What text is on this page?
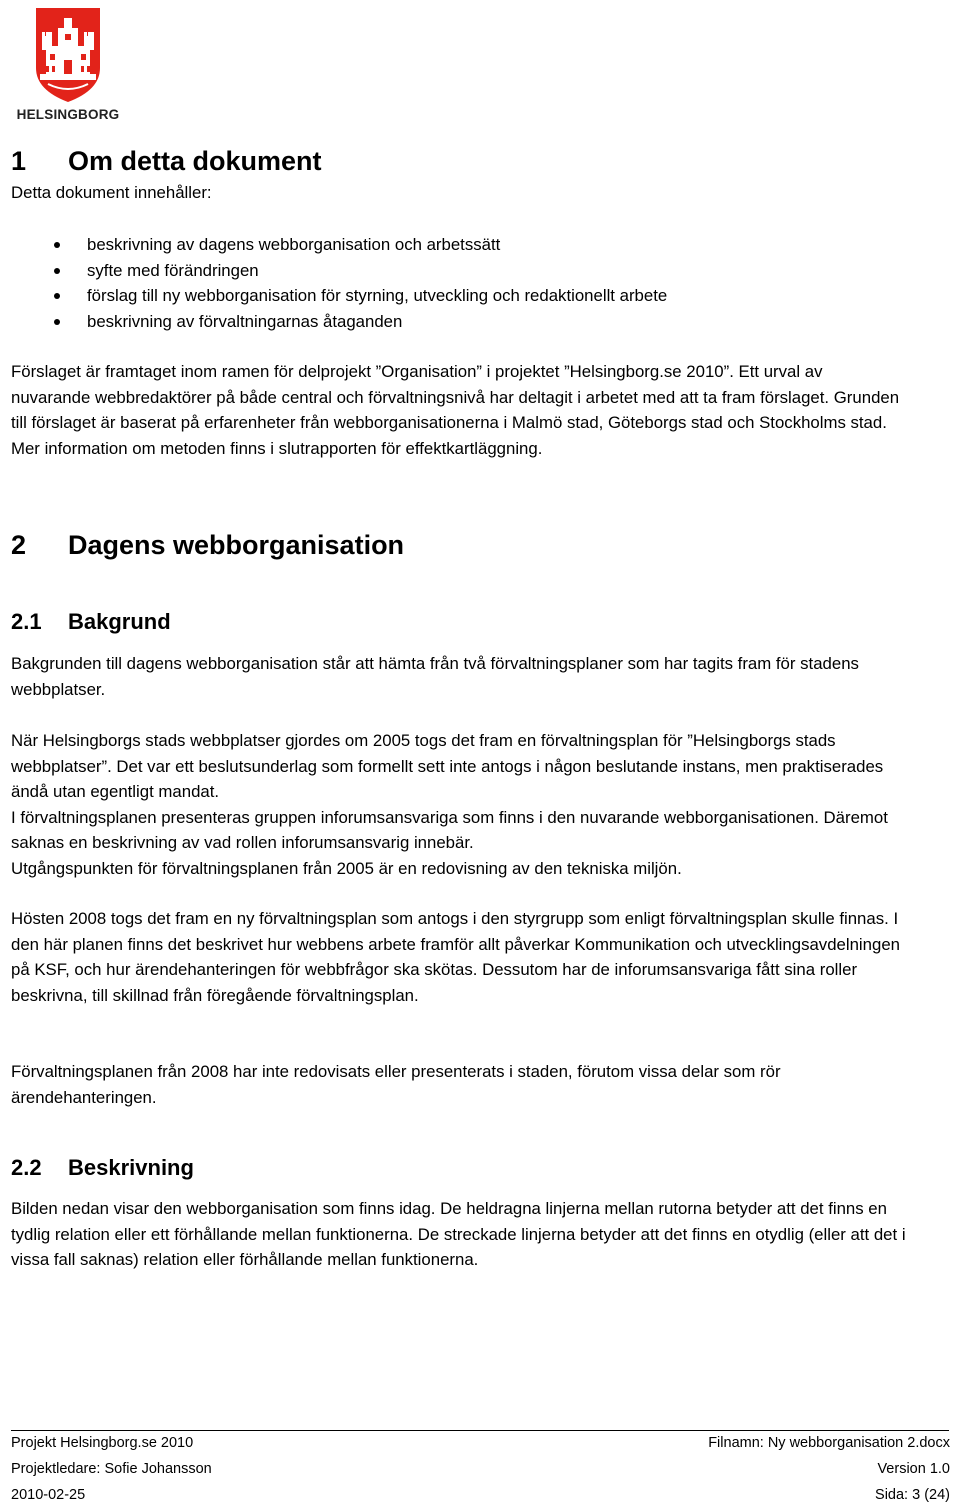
HELSINGBORG
1 Om detta dokument

Detta dokument innehåller:

beskrivning av dagens webborganisation och arbetssätt
syfte med förändringen
förslag till ny webborganisation för styrning, utveckling och redaktionellt arbete
beskrivning av förvaltningarnas åtaganden

Förslaget är framtaget inom ramen för delprojekt ”Organisation” i projektet ”Helsingborg.se 2010”. Ett urval av nuvarande webbredaktörer på både central och förvaltningsnivå har deltagit i arbetet med att ta fram förslaget. Grunden till förslaget är baserat på erfarenheter från webborganisationerna i Malmö stad, Göteborgs stad och Stockholms stad. Mer information om metoden finns i slutrapporten för effektkartläggning.

2 Dagens webborganisation
2.1 Bakgrund

Bakgrunden till dagens webborganisation står att hämta från två förvaltningsplaner som har tagits fram för stadens webbplatser.

När Helsingborgs stads webbplatser gjordes om 2005 togs det fram en förvaltningsplan för ”Helsingborgs stads webbplatser”. Det var ett beslutsunderlag som formellt sett inte antogs i någon beslutande instans, men praktiserades ändå utan egentligt mandat.
I förvaltningsplanen presenteras gruppen inforumsansvariga som finns i den nuvarande webborganisationen. Däremot saknas en beskrivning av vad rollen inforumsansvarig innebär.
Utgångspunkten för förvaltningsplanen från 2005 är en redovisning av den tekniska miljön.

Hösten 2008 togs det fram en ny förvaltningsplan som antogs i den styrgrupp som enligt förvaltningsplan skulle finnas. I den här planen finns det beskrivet hur webbens arbete framför allt påverkar Kommunikation och utvecklingsavdelningen på KSF, och hur ärendehanteringen för webbfrågor ska skötas. Dessutom har de inforumsansvariga fått sina roller beskrivna, till skillnad från föregående förvaltningsplan.

Förvaltningsplanen från 2008 har inte redovisats eller presenterats i staden, förutom vissa delar som rör ärendehanteringen.

2.2 Beskrivning

Bilden nedan visar den webborganisation som finns idag. De heldragna linjerna mellan rutorna betyder att det finns en tydlig relation eller ett förhållande mellan funktionerna. De streckade linjerna betyder att det finns en otydlig (eller att det i vissa fall saknas) relation eller förhållande mellan funktionerna.

Projekt Helsingborg.se 2010	Filnamn: Ny webborganisation 2.docx
Projektledare: Sofie Johansson	Version 1.0
2010-02-25	Sida: 3 (24)
